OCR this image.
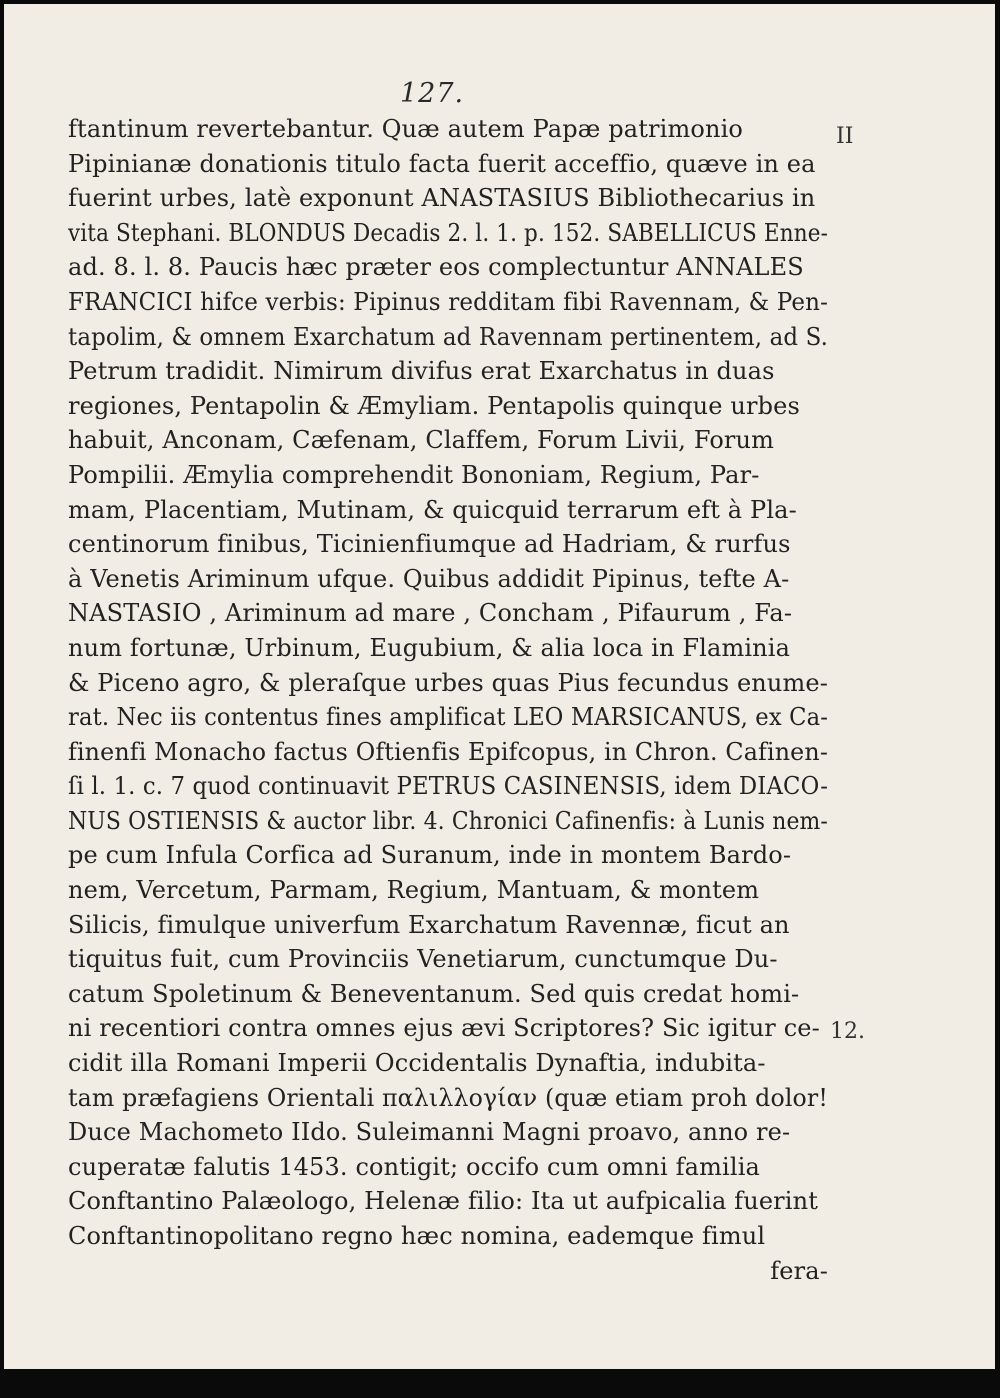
127.
II
12.
ftantinum revertebantur. Quæ autem Papæ patrimonio
Pipinianæ donationis titulo facta fuerit acceffio, quæve in ea
fuerint urbes, latè exponunt ANASTASIUS Bibliothecarius in
vita Stephani. BLONDUS Decadis 2. l. 1. p. 152. SABELLICUS Enne-
ad. 8. l. 8. Paucis hæc præter eos complectuntur ANNALES
FRANCICI hifce verbis: Pipinus redditam fibi Ravennam, & Pen-
tapolim, & omnem Exarchatum ad Ravennam pertinentem, ad S.
Petrum tradidit. Nimirum divifus erat Exarchatus in duas
regiones, Pentapolin & Æmyliam. Pentapolis quinque urbes
habuit, Anconam, Cæfenam, Claffem, Forum Livii, Forum
Pompilii. Æmylia comprehendit Bononiam, Regium, Par-
mam, Placentiam, Mutinam, & quicquid terrarum eft à Pla-
centinorum finibus, Ticinienfiumque ad Hadriam, & rurfus
à Venetis Ariminum ufque. Quibus addidit Pipinus, tefte A-
NASTASIO , Ariminum ad mare , Concham , Pifaurum , Fa-
num fortunæ, Urbinum, Eugubium, & alia loca in Flaminia
& Piceno agro, & pleraſque urbes quas Pius fecundus enume-
rat. Nec iis contentus fines amplificat LEO MARSICANUS, ex Ca-
finenfi Monacho factus Oftienfis Epifcopus, in Chron. Cafinen-
ſi l. 1. c. 7 quod continuavit PETRUS CASINENSIS, idem DIACO-
NUS OSTIENSIS & auctor libr. 4. Chronici Cafinenfis: à Lunis nem-
pe cum Infula Corfica ad Suranum, inde in montem Bardo-
nem, Vercetum, Parmam, Regium, Mantuam, & montem
Silicis, fimulque univerfum Exarchatum Ravennæ, ficut an
tiquitus fuit, cum Provinciis Venetiarum, cunctumque Du-
catum Spoletinum & Beneventanum. Sed quis credat homi-
ni recentiori contra omnes ejus ævi Scriptores? Sic igitur ce-
cidit illa Romani Imperii Occidentalis Dynaftia, indubita-
tam præfagiens Orientali παλιλλογίαν (quæ etiam proh dolor!
Duce Machometo IIdo. Suleimanni Magni proavo, anno re-
cuperatæ falutis 1453. contigit; occifo cum omni familia
Conftantino Palæologo, Helenæ filio: Ita ut aufpicalia fuerint
Conftantinopolitano regno hæc nomina, eademque fimul
fera-
